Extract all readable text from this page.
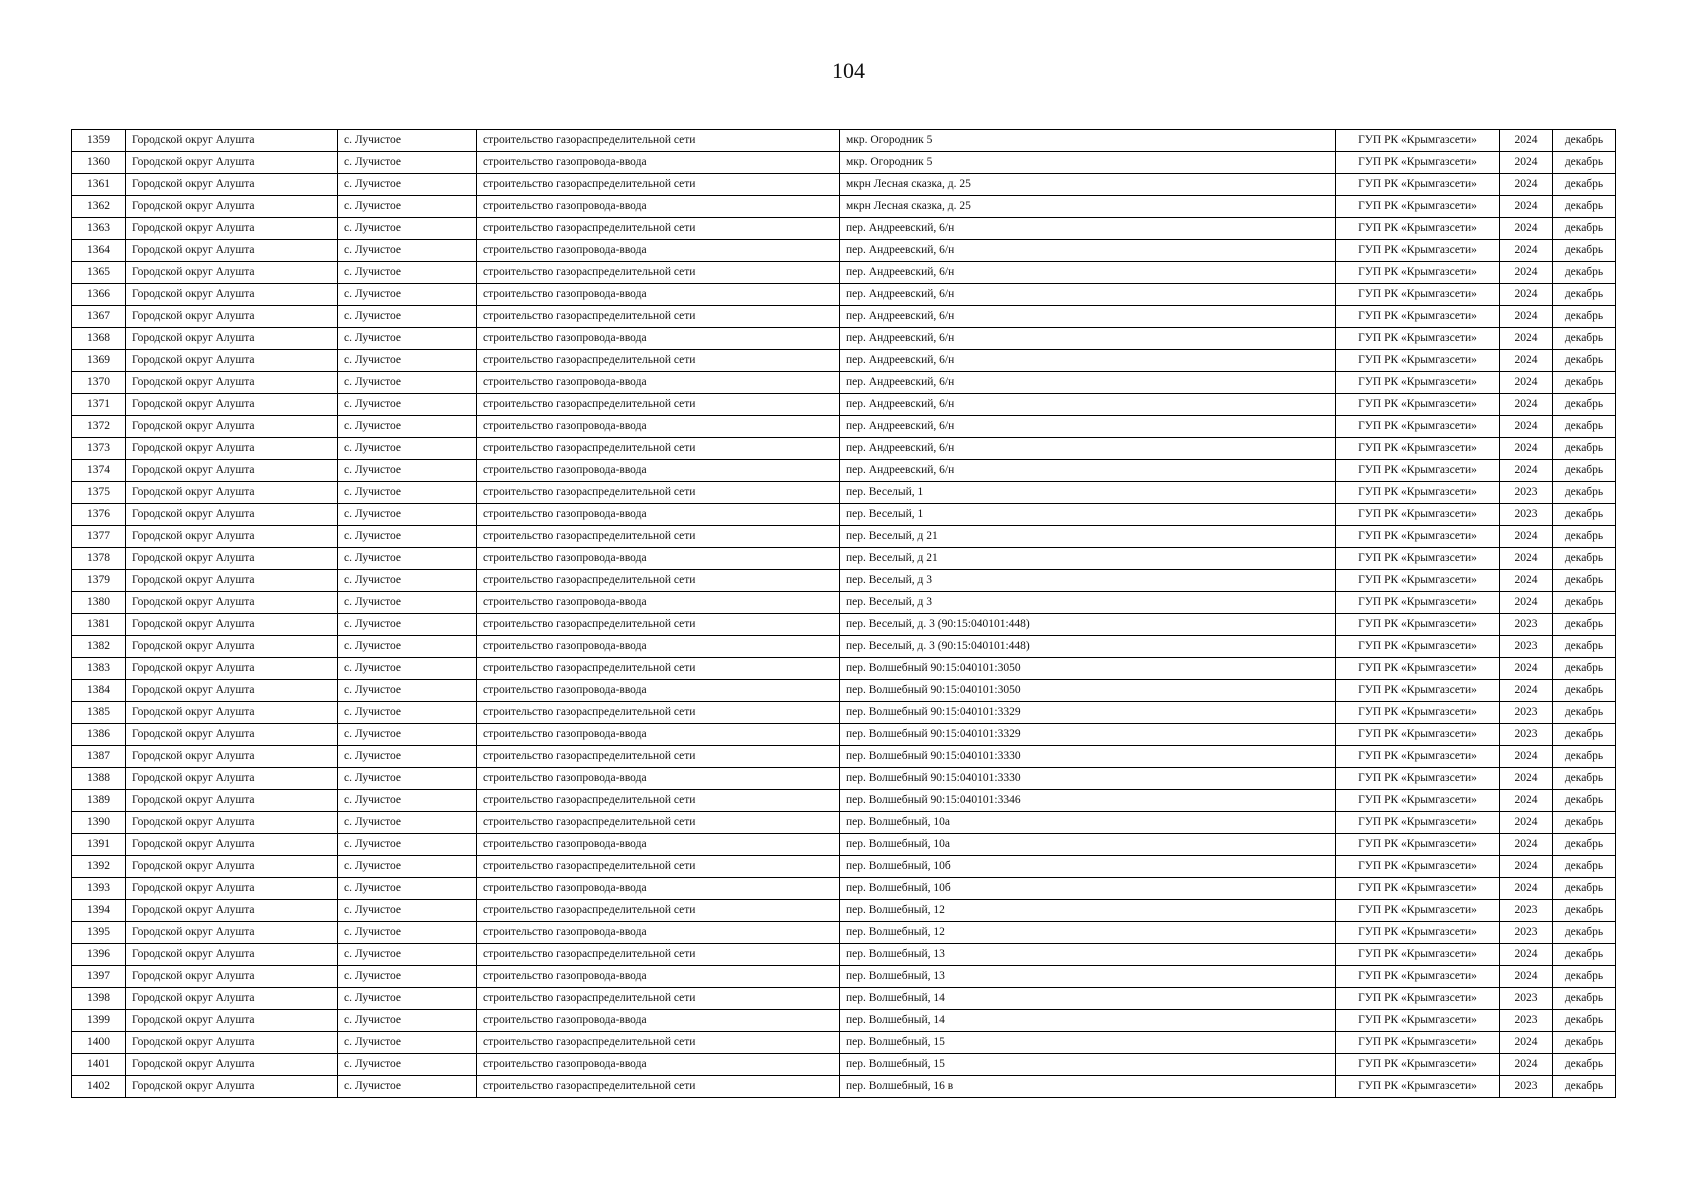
104
1359	Городской округ Алушта	с. Лучистое	строительство газораспределительной сети	мкр. Огородник 5	ГУП РК «Крымгазсети»	2024	декабрь
1360	Городской округ Алушта	с. Лучистое	строительство газопровода-ввода	мкр. Огородник 5	ГУП РК «Крымгазсети»	2024	декабрь
1361	Городской округ Алушта	с. Лучистое	строительство газораспределительной сети	мкрн Лесная сказка, д. 25	ГУП РК «Крымгазсети»	2024	декабрь
1362	Городской округ Алушта	с. Лучистое	строительство газопровода-ввода	мкрн Лесная сказка, д. 25	ГУП РК «Крымгазсети»	2024	декабрь
1363	Городской округ Алушта	с. Лучистое	строительство газораспределительной сети	пер. Андреевский, 6/н	ГУП РК «Крымгазсети»	2024	декабрь
1364	Городской округ Алушта	с. Лучистое	строительство газопровода-ввода	пер. Андреевский, 6/н	ГУП РК «Крымгазсети»	2024	декабрь
1365	Городской округ Алушта	с. Лучистое	строительство газораспределительной сети	пер. Андреевский, 6/н	ГУП РК «Крымгазсети»	2024	декабрь
1366	Городской округ Алушта	с. Лучистое	строительство газопровода-ввода	пер. Андреевский, 6/н	ГУП РК «Крымгазсети»	2024	декабрь
1367	Городской округ Алушта	с. Лучистое	строительство газораспределительной сети	пер. Андреевский, 6/н	ГУП РК «Крымгазсети»	2024	декабрь
1368	Городской округ Алушта	с. Лучистое	строительство газопровода-ввода	пер. Андреевский, 6/н	ГУП РК «Крымгазсети»	2024	декабрь
1369	Городской округ Алушта	с. Лучистое	строительство газораспределительной сети	пер. Андреевский, 6/н	ГУП РК «Крымгазсети»	2024	декабрь
1370	Городской округ Алушта	с. Лучистое	строительство газопровода-ввода	пер. Андреевский, 6/н	ГУП РК «Крымгазсети»	2024	декабрь
1371	Городской округ Алушта	с. Лучистое	строительство газораспределительной сети	пер. Андреевский, 6/н	ГУП РК «Крымгазсети»	2024	декабрь
1372	Городской округ Алушта	с. Лучистое	строительство газопровода-ввода	пер. Андреевский, 6/н	ГУП РК «Крымгазсети»	2024	декабрь
1373	Городской округ Алушта	с. Лучистое	строительство газораспределительной сети	пер. Андреевский, 6/н	ГУП РК «Крымгазсети»	2024	декабрь
1374	Городской округ Алушта	с. Лучистое	строительство газопровода-ввода	пер. Андреевский, 6/н	ГУП РК «Крымгазсети»	2024	декабрь
1375	Городской округ Алушта	с. Лучистое	строительство газораспределительной сети	пер. Веселый, 1	ГУП РК «Крымгазсети»	2023	декабрь
1376	Городской округ Алушта	с. Лучистое	строительство газопровода-ввода	пер. Веселый, 1	ГУП РК «Крымгазсети»	2023	декабрь
1377	Городской округ Алушта	с. Лучистое	строительство газораспределительной сети	пер. Веселый, д 21	ГУП РК «Крымгазсети»	2024	декабрь
1378	Городской округ Алушта	с. Лучистое	строительство газопровода-ввода	пер. Веселый, д 21	ГУП РК «Крымгазсети»	2024	декабрь
1379	Городской округ Алушта	с. Лучистое	строительство газораспределительной сети	пер. Веселый, д 3	ГУП РК «Крымгазсети»	2024	декабрь
1380	Городской округ Алушта	с. Лучистое	строительство газопровода-ввода	пер. Веселый, д 3	ГУП РК «Крымгазсети»	2024	декабрь
1381	Городской округ Алушта	с. Лучистое	строительство газораспределительной сети	пер. Веселый, д. 3 (90:15:040101:448)	ГУП РК «Крымгазсети»	2023	декабрь
1382	Городской округ Алушта	с. Лучистое	строительство газопровода-ввода	пер. Веселый, д. 3 (90:15:040101:448)	ГУП РК «Крымгазсети»	2023	декабрь
1383	Городской округ Алушта	с. Лучистое	строительство газораспределительной сети	пер. Волшебный 90:15:040101:3050	ГУП РК «Крымгазсети»	2024	декабрь
1384	Городской округ Алушта	с. Лучистое	строительство газопровода-ввода	пер. Волшебный 90:15:040101:3050	ГУП РК «Крымгазсети»	2024	декабрь
1385	Городской округ Алушта	с. Лучистое	строительство газораспределительной сети	пер. Волшебный 90:15:040101:3329	ГУП РК «Крымгазсети»	2023	декабрь
1386	Городской округ Алушта	с. Лучистое	строительство газопровода-ввода	пер. Волшебный 90:15:040101:3329	ГУП РК «Крымгазсети»	2023	декабрь
1387	Городской округ Алушта	с. Лучистое	строительство газораспределительной сети	пер. Волшебный 90:15:040101:3330	ГУП РК «Крымгазсети»	2024	декабрь
1388	Городской округ Алушта	с. Лучистое	строительство газопровода-ввода	пер. Волшебный 90:15:040101:3330	ГУП РК «Крымгазсети»	2024	декабрь
1389	Городской округ Алушта	с. Лучистое	строительство газораспределительной сети	пер. Волшебный 90:15:040101:3346	ГУП РК «Крымгазсети»	2024	декабрь
1390	Городской округ Алушта	с. Лучистое	строительство газораспределительной сети	пер. Волшебный, 10а	ГУП РК «Крымгазсети»	2024	декабрь
1391	Городской округ Алушта	с. Лучистое	строительство газопровода-ввода	пер. Волшебный, 10а	ГУП РК «Крымгазсети»	2024	декабрь
1392	Городской округ Алушта	с. Лучистое	строительство газораспределительной сети	пер. Волшебный, 10б	ГУП РК «Крымгазсети»	2024	декабрь
1393	Городской округ Алушта	с. Лучистое	строительство газопровода-ввода	пер. Волшебный, 10б	ГУП РК «Крымгазсети»	2024	декабрь
1394	Городской округ Алушта	с. Лучистое	строительство газораспределительной сети	пер. Волшебный, 12	ГУП РК «Крымгазсети»	2023	декабрь
1395	Городской округ Алушта	с. Лучистое	строительство газопровода-ввода	пер. Волшебный, 12	ГУП РК «Крымгазсети»	2023	декабрь
1396	Городской округ Алушта	с. Лучистое	строительство газораспределительной сети	пер. Волшебный, 13	ГУП РК «Крымгазсети»	2024	декабрь
1397	Городской округ Алушта	с. Лучистое	строительство газопровода-ввода	пер. Волшебный, 13	ГУП РК «Крымгазсети»	2024	декабрь
1398	Городской округ Алушта	с. Лучистое	строительство газораспределительной сети	пер. Волшебный, 14	ГУП РК «Крымгазсети»	2023	декабрь
1399	Городской округ Алушта	с. Лучистое	строительство газопровода-ввода	пер. Волшебный, 14	ГУП РК «Крымгазсети»	2023	декабрь
1400	Городской округ Алушта	с. Лучистое	строительство газораспределительной сети	пер. Волшебный, 15	ГУП РК «Крымгазсети»	2024	декабрь
1401	Городской округ Алушта	с. Лучистое	строительство газопровода-ввода	пер. Волшебный, 15	ГУП РК «Крымгазсети»	2024	декабрь
1402	Городской округ Алушта	с. Лучистое	строительство газораспределительной сети	пер. Волшебный, 16 в	ГУП РК «Крымгазсети»	2023	декабрь
